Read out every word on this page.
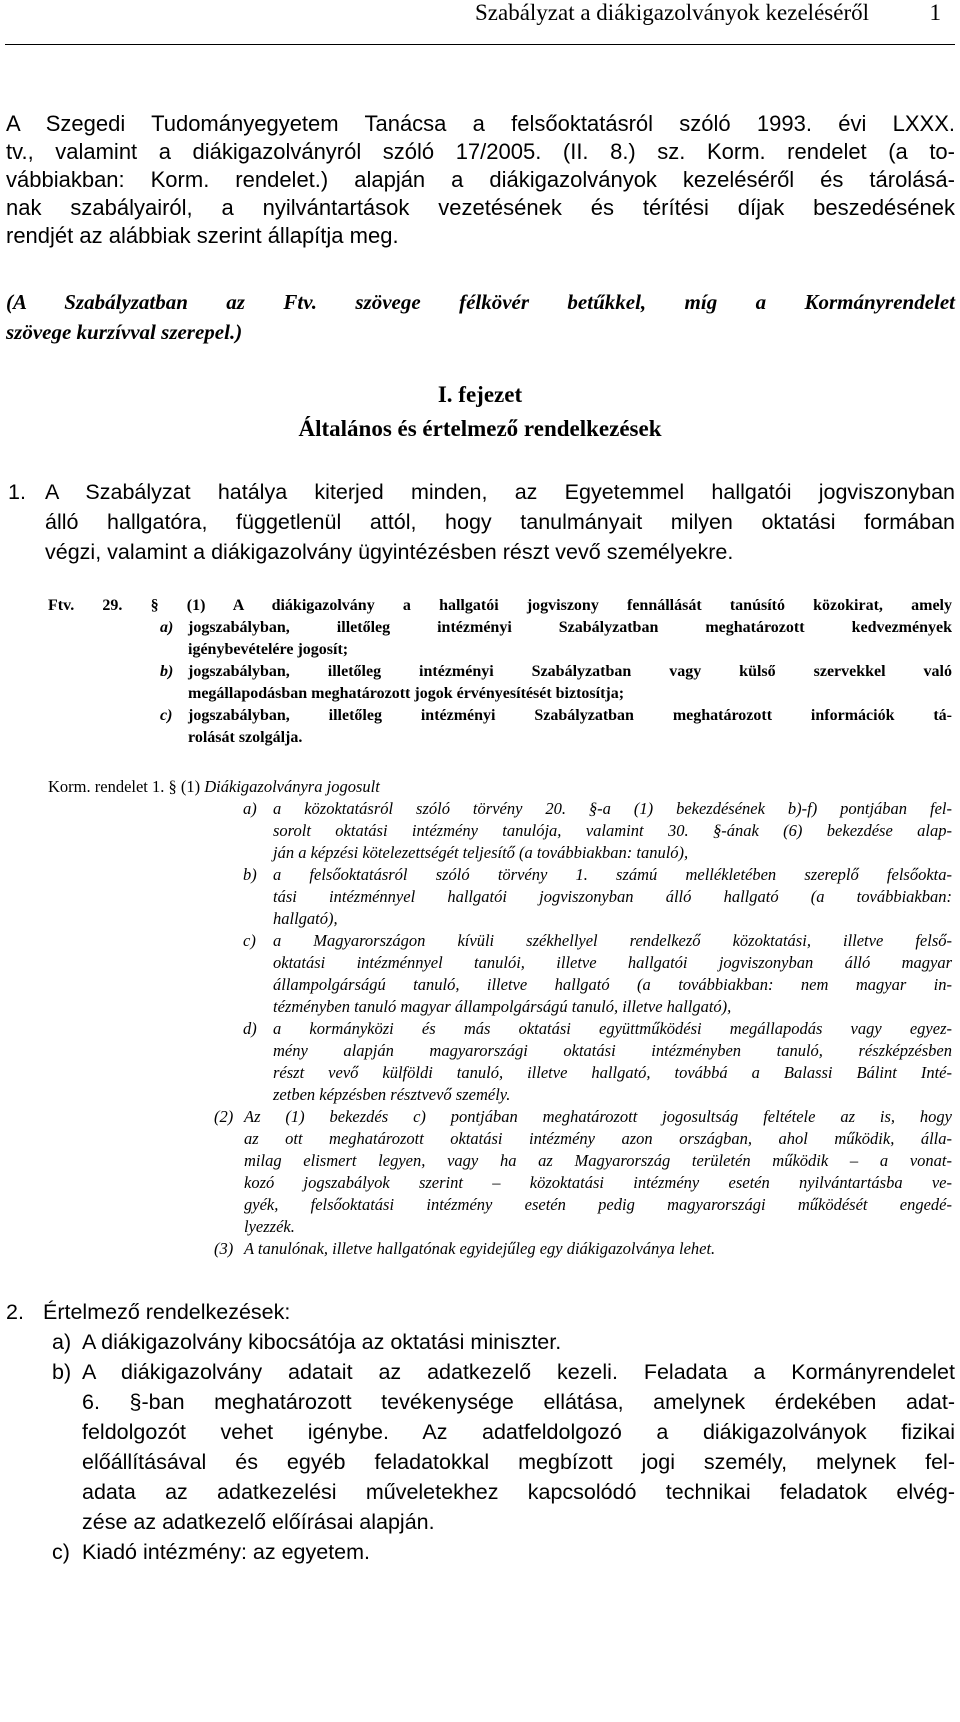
Szabályzat a diákigazolványok kezeléséről	1
A Szegedi Tudományegyetem Tanácsa a felsőoktatásról szóló 1993. évi LXXX.
tv., valamint a diákigazolványról szóló 17/2005. (II. 8.) sz. Korm. rendelet (a to-
vábbiakban: Korm. rendelet.) alapján a diákigazolványok kezeléséről és tárolásá-
nak szabályairól, a nyilvántartások vezetésének és térítési díjak beszedésének
rendjét az alábbiak szerint állapítja meg.
(A Szabályzatban az Ftv. szövege félkövér betűkkel, míg a Kormányrendelet
szövege kurzívval szerepel.)
I. fejezet
Általános és értelmező rendelkezések
1. A Szabályzat hatálya kiterjed minden, az Egyetemmel hallgatói jogviszonyban
álló hallgatóra, függetlenül attól, hogy tanulmányait milyen oktatási formában
végzi, valamint a diákigazolvány ügyintézésben részt vevő személyekre.
Ftv. 29. § (1) A diákigazolvány a hallgatói jogviszony fennállását tanúsító közokirat, amely
a) jogszabályban, illetőleg intézményi Szabályzatban meghatározott kedvezmények
igénybevételére jogosít;
b) jogszabályban, illetőleg intézményi Szabályzatban vagy külső szervekkel való
megállapodásban meghatározott jogok érvényesítését biztosítja;
c) jogszabályban, illetőleg intézményi Szabályzatban meghatározott információk tá-
rolását szolgálja.
Korm. rendelet 1. § (1) Diákigazolványra jogosult
a) a közoktatásról szóló törvény 20. §-a (1) bekezdésének b)-f) pontjában fel-
sorolt oktatási intézmény tanulója, valamint 30. §-ának (6) bekezdése alap-
ján a képzési kötelezettségét teljesítő (a továbbiakban: tanuló),
b) a felsőoktatásról szóló törvény 1. számú mellékletében szereplő felsőokta-
tási intézménnyel hallgatói jogviszonyban álló hallgató (a továbbiakban:
hallgató),
c)	a Magyarországon kívüli székhellyel rendelkező közoktatási, illetve felső-
oktatási intézménnyel tanulói, illetve hallgatói jogviszonyban álló magyar
állampolgárságú tanuló, illetve hallgató (a továbbiakban: nem magyar in-
tézményben tanuló magyar állampolgárságú tanuló, illetve hallgató),
d) a kormányközi és más oktatási együttműködési megállapodás vagy egyez-
mény alapján magyarországi oktatási intézményben tanuló, részképzésben
részt vevő külföldi tanuló, illetve hallgató, továbbá a Balassi Bálint Inté-
zetben képzésben résztvevő személy.
(2) Az (1) bekezdés c) pontjában meghatározott jogosultság feltétele az is, hogy
az ott meghatározott oktatási intézmény azon országban, ahol működik, álla-
milag elismert legyen, vagy ha az Magyarország területén működik – a vonat-
kozó jogszabályok szerint – közoktatási intézmény esetén nyilvántartásba ve-
gyék, felsőoktatási intézmény esetén pedig magyarországi működését engedé-
lyezzék.
(3) A tanulónak, illetve hallgatónak egyidejűleg egy diákigazolványa lehet.
2. Értelmező rendelkezések:
a) A diákigazolvány kibocsátója az oktatási miniszter.
b) A diákigazolvány adatait az adatkezelő kezeli. Feladata a Kormányrendelet
6. §-ban meghatározott tevékenysége ellátása, amelynek érdekében adat-
feldolgozót vehet igénybe. Az adatfeldolgozó a diákigazolványok fizikai
előállításával és egyéb feladatokkal megbízott jogi személy, melynek fel-
adata az adatkezelési műveletekhez kapcsolódó technikai feladatok elvég-
zése az adatkezelő előírásai alapján.
c) Kiadó intézmény: az egyetem.
